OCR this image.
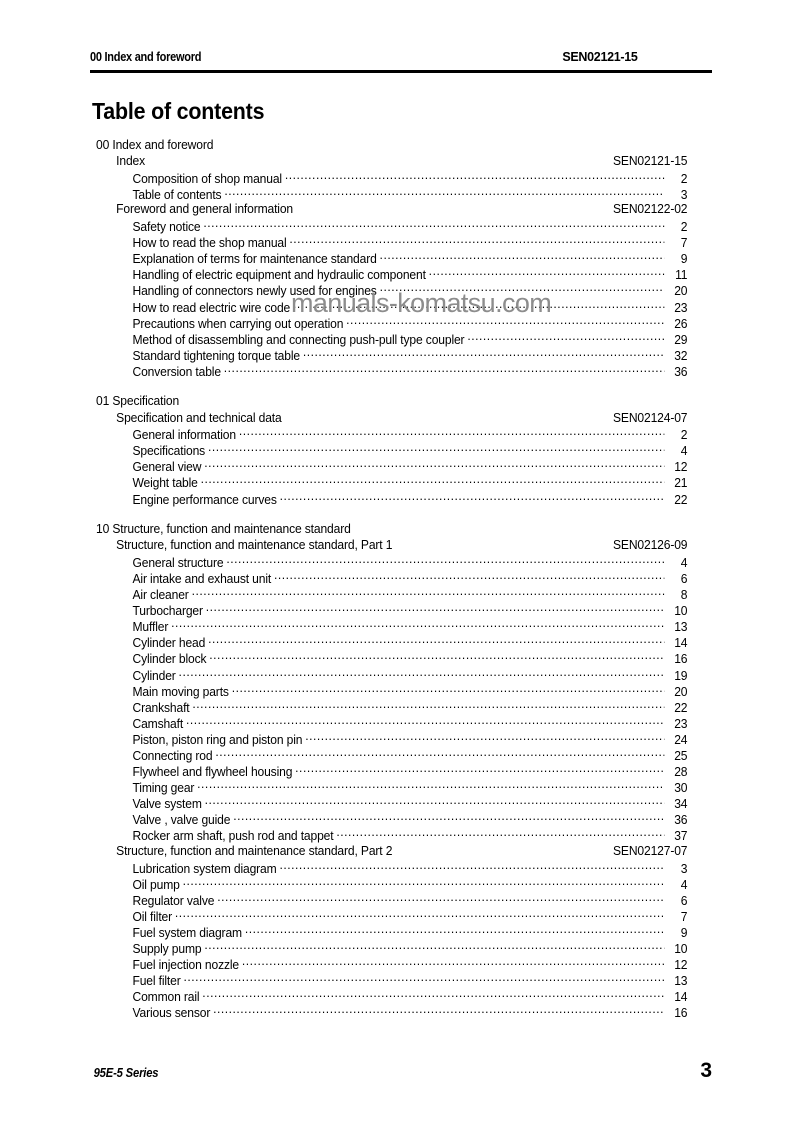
00 Index and foreword	SEN02121-15
Table of contents
00 Index and foreword
Index	SEN02121-15
Composition of shop manual .....	2
Table of contents .....	3
Foreword and general information	SEN02122-02
Safety notice .....	2
How to read the shop manual .....	7
Explanation of terms for maintenance standard .....	9
Handling of electric equipment and hydraulic component .....	11
Handling of connectors newly used for engines .....	20
How to read electric wire code .....	23
Precautions when carrying out operation .....	26
Method of disassembling and connecting push-pull type coupler .....	29
Standard tightening torque table .....	32
Conversion table .....	36
01 Specification
Specification and technical data	SEN02124-07
General information .....	2
Specifications .....	4
General view .....	12
Weight table .....	21
Engine performance curves .....	22
10 Structure, function and maintenance standard
Structure, function and maintenance standard, Part 1	SEN02126-09
General structure .....	4
Air intake and exhaust unit .....	6
Air cleaner .....	8
Turbocharger .....	10
Muffler .....	13
Cylinder head .....	14
Cylinder block .....	16
Cylinder .....	19
Main moving parts .....	20
Crankshaft .....	22
Camshaft .....	23
Piston, piston ring and piston pin .....	24
Connecting rod .....	25
Flywheel and flywheel housing .....	28
Timing gear .....	30
Valve system .....	34
Valve , valve guide .....	36
Rocker arm shaft, push rod and tappet .....	37
Structure, function and maintenance standard, Part 2	SEN02127-07
Lubrication system diagram .....	3
Oil pump .....	4
Regulator valve .....	6
Oil filter .....	7
Fuel system diagram .....	9
Supply pump .....	10
Fuel injection nozzle .....	12
Fuel filter .....	13
Common rail .....	14
Various sensor .....	16
manuals-komatsu.com
95E-5 Series	3
